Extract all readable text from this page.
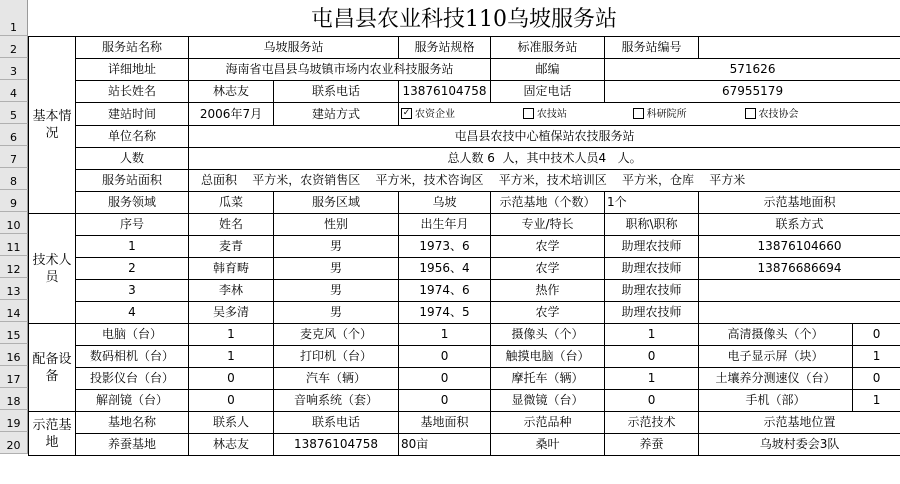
1
2
3
4
5
6
7
8
9
10
11
12
13
14
15
16
17
18
19
20
屯昌县农业科技110乌坡服务站
基本情况	服务站名称	乌坡服务站		服务站规格	标准服务站	服务站编号			
	详细地址	海南省屯昌县乌坡镇市场内农业科技服务站			邮编	571626			
	站长姓名	林志友	联系电话	13876104758	固定电话	67955179			
	建站时间	2006年7月	建站方式	✓ 农资企业 农技站 科研院所 农技协会					
	单位名称	屯昌县农技中心植保站农技服务站							
	人数	总人数 6  人，其中技术人员4   人。							
	服务站面积	总面积    平方米，农资销售区    平方米，技术咨询区    平方米，技术培训区    平方米，仓库    平方米							
	服务领域	瓜菜	服务区域	乌坡	示范基地（个数）	1个	示范基地面积	
技术人员	序号	姓名	性别	出生年月	专业/特长	职称\职称	联系方式		
	1	麦青	男	1973、6	农学	助理农技师	13876104660		
	2	韩育畴	男	1956、4	农学	助理农技师	13876686694		
	3	李林	男	1974、6	热作	助理农技师			
	4	吴多清	男	1974、5	农学	助理农技师			
配备设备	电脑（台）	1	麦克风（个）	1	摄像头（个）	1	高清摄像头（个）	0	
	数码相机（台）	1	打印机（台）	0	触摸电脑（台）	0	电子显示屏（块）	1	
	投影仪台（台）	0	汽车（辆）	0	摩托车（辆）	1	土壤养分测速仪（台）	0	
	解剖镜（台）	0	音响系统（套）	0	显微镜（台）	0	手机（部）	1	
示范基地	基地名称	联系人	联系电话	基地面积	示范品种	示范技术	示范基地位置		
	养蚕基地	林志友	13876104758	80亩	桑叶	养蚕	乌坡村委会3队		
